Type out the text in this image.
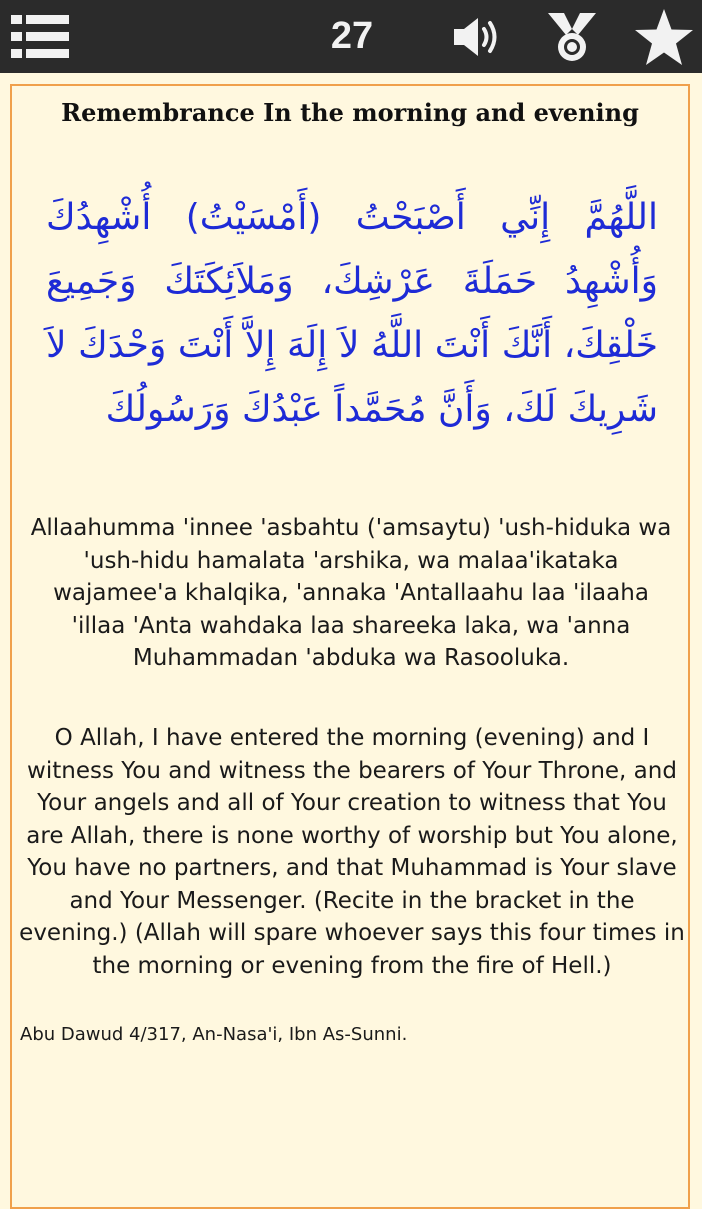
27
Remembrance In the morning and evening
اللَّهُمَّ إِنِّي أَصْبَحْتُ (أَمْسَيْتُ) أُشْهِدُكَ وَأُشْهِدُ حَمَلَةَ عَرْشِكَ، وَمَلاَئِكَتَكَ وَجَمِيعَ خَلْقِكَ، أَنَّكَ أَنْتَ اللَّهُ لاَ إِلَهَ إِلاَّ أَنْتَ وَحْدَكَ لاَ شَرِيكَ لَكَ، وَأَنَّ مُحَمَّداً عَبْدُكَ وَرَسُولُكَ
Allaahumma 'innee 'asbahtu ('amsaytu) 'ush-hiduka wa 'ush-hidu hamalata 'arshika, wa malaa'ikataka wajamee'a khalqika, 'annaka 'Antallaahu laa 'ilaaha 'illaa 'Anta wahdaka laa shareeka laka, wa 'anna Muhammadan 'abduka wa Rasooluka.
O Allah, I have entered the morning (evening) and I witness You and witness the bearers of Your Throne, and Your angels and all of Your creation to witness that You are Allah, there is none worthy of worship but You alone, You have no partners, and that Muhammad is Your slave and Your Messenger. (Recite in the bracket in the evening.) (Allah will spare whoever says this four times in the morning or evening from the fire of Hell.)
Abu Dawud 4/317, An-Nasa'i, Ibn As-Sunni.
